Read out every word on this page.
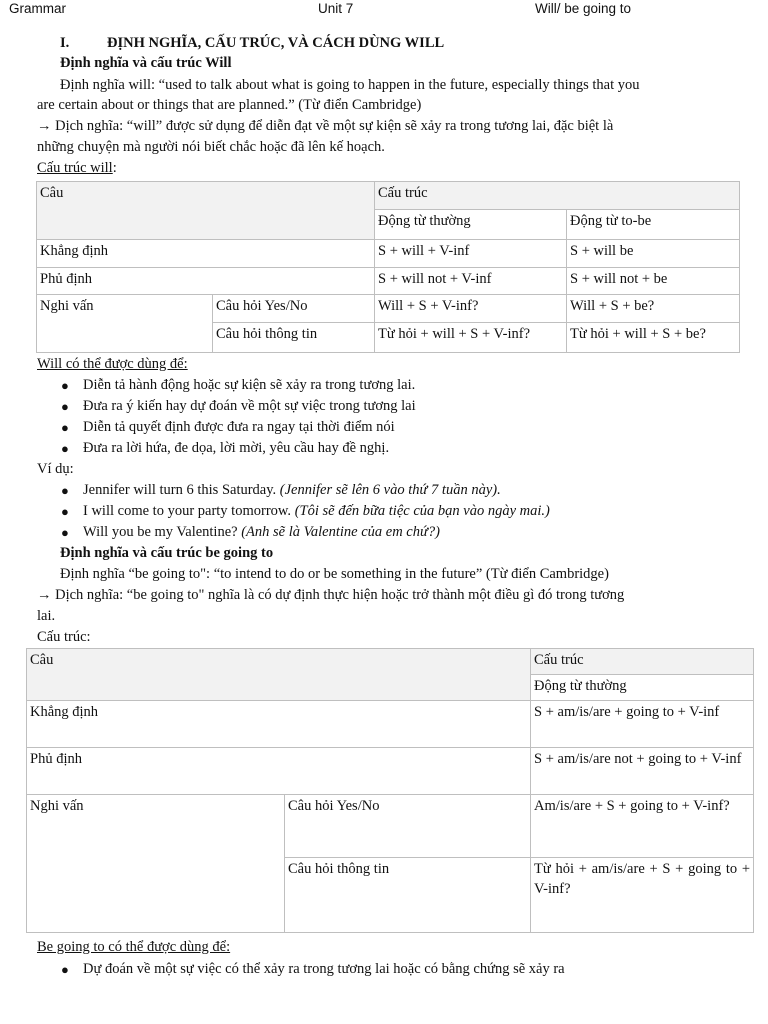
Grammar	Unit 7	Will/ be going to
I.	ĐỊNH NGHĨA, CẤU TRÚC, VÀ CÁCH DÙNG WILL
Định nghĩa và cấu trúc Will
Định nghĩa will: “used to talk about what is going to happen in the future, especially things that you
are certain about or things that are planned.” (Từ điển Cambridge)
→ Dịch nghĩa: “will” được sử dụng để diễn đạt về một sự kiện sẽ xảy ra trong tương lai, đặc biệt là
những chuyện mà người nói biết chắc hoặc đã lên kế hoạch.
Cấu trúc will:
Câu		Cấu trúc	
		Động từ thường	Động từ to-be
Khẳng định		S + will + V-inf	S + will be
Phủ định		S + will not + V-inf	S + will not + be
Nghi vấn	Câu hỏi Yes/No	Will + S + V-inf?	Will + S + be?
	Câu hỏi thông tin	Từ hỏi + will + S + V-inf?	Từ hỏi + will + S + be?
Will có thể được dùng để:
● Diễn tả hành động hoặc sự kiện sẽ xảy ra trong tương lai.
● Đưa ra ý kiến hay dự đoán về một sự việc trong tương lai
● Diễn tả quyết định được đưa ra ngay tại thời điểm nói
● Đưa ra lời hứa, đe dọa, lời mời, yêu cầu hay đề nghị.
Ví dụ:
● Jennifer will turn 6 this Saturday. (Jennifer sẽ lên 6 vào thứ 7 tuần này).
● I will come to your party tomorrow. (Tôi sẽ đến bữa tiệc của bạn vào ngày mai.)
● Will you be my Valentine? (Anh sẽ là Valentine của em chứ?)
Định nghĩa và cấu trúc be going to
Định nghĩa “be going to": “to intend to do or be something in the future” (Từ điển Cambridge)
→ Dịch nghĩa: “be going to" nghĩa là có dự định thực hiện hoặc trở thành một điều gì đó trong tương
lai.
Cấu trúc:
Câu		Cấu trúc
		Động từ thường
Khẳng định		S + am/is/are + going to + V-inf
Phủ định		S + am/is/are not + going to + V-inf
Nghi vấn	Câu hỏi Yes/No	Am/is/are + S + going to + V-inf?
	Câu hỏi thông tin	Từ hỏi + am/is/are + S + going to + V-inf?
Be going to có thể được dùng để:
● Dự đoán về một sự việc có thể xảy ra trong tương lai hoặc có bằng chứng sẽ xảy ra
